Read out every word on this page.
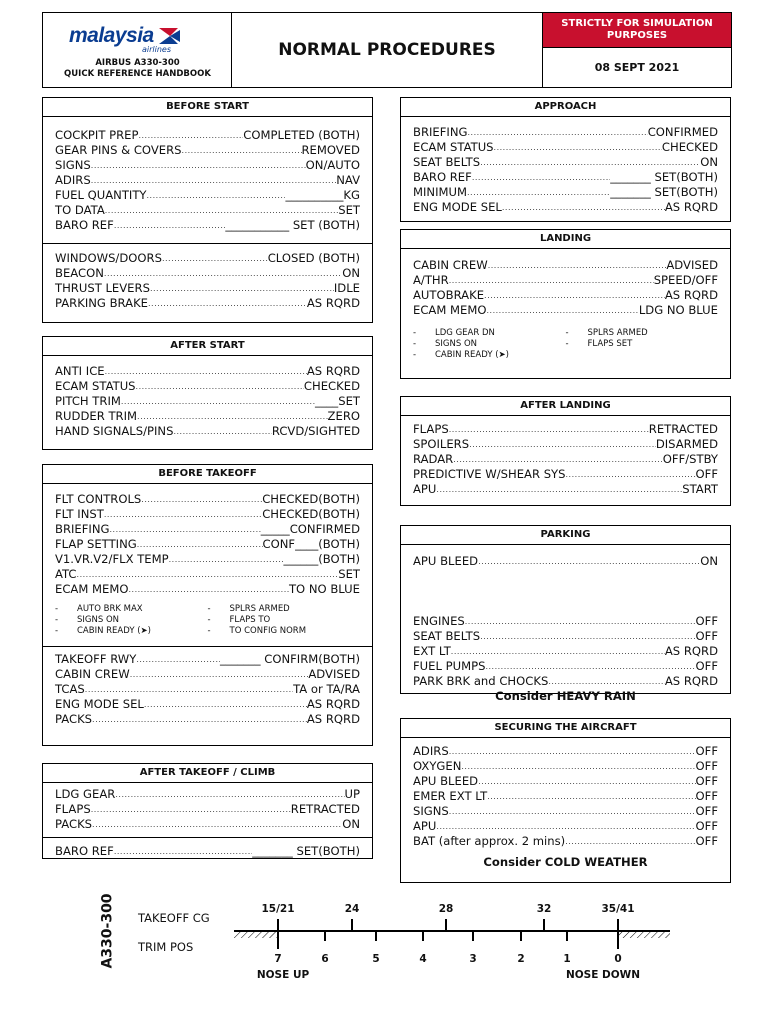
malaysia
airlines
AIRBUS A330-300
QUICK REFERENCE HANDBOOK
NORMAL PROCEDURES
STRICTLY FOR SIMULATION PURPOSES
08 SEPT 2021
BEFORE START
COCKPIT PREP .....	COMPLETED (BOTH)
GEAR PINS & COVERS .....	REMOVED
SIGNS .....	ON/AUTO
ADIRS .....	NAV
FUEL QUANTITY .....	__________KG
TO DATA .....	SET
BARO REF .....	___________ SET (BOTH)
WINDOWS/DOORS .....	CLOSED (BOTH)
BEACON .....	ON
THRUST LEVERS .....	IDLE
PARKING BRAKE .....	AS RQRD
AFTER START
ANTI ICE .....	AS RQRD
ECAM STATUS .....	CHECKED
PITCH TRIM .....	____SET
RUDDER TRIM .....	ZERO
HAND SIGNALS/PINS .....	RCVD/SIGHTED
BEFORE TAKEOFF
FLT CONTROLS .....	CHECKED(BOTH)
FLT INST .....	CHECKED(BOTH)
BRIEFING .....	_____CONFIRMED
FLAP SETTING .....	CONF____(BOTH)
V1.VR.V2/FLX TEMP .....	______(BOTH)
ATC .....	SET
ECAM MEMO .....	TO NO BLUE
-	AUTO BRK MAX
-	SIGNS ON
-	CABIN READY (➤)
-	SPLRS ARMED
-	FLAPS TO
-	TO CONFIG NORM
TAKEOFF RWY .....	_______ CONFIRM(BOTH)
CABIN CREW .....	ADVISED
TCAS .....	TA or TA/RA
ENG MODE SEL .....	AS RQRD
PACKS .....	AS RQRD
AFTER TAKEOFF / CLIMB
LDG GEAR .....	UP
FLAPS .....	RETRACTED
PACKS .....	ON
BARO REF .....	_______ SET(BOTH)
APPROACH
BRIEFING .....	CONFIRMED
ECAM STATUS .....	CHECKED
SEAT BELTS .....	ON
BARO REF .....	_______ SET(BOTH)
MINIMUM .....	_______ SET(BOTH)
ENG MODE SEL .....	AS RQRD
LANDING
CABIN CREW .....	ADVISED
A/THR .....	SPEED/OFF
AUTOBRAKE .....	AS RQRD
ECAM MEMO .....	LDG NO BLUE
-	LDG GEAR DN
-	SIGNS ON
-	CABIN READY (➤)
-	SPLRS ARMED
-	FLAPS SET
AFTER LANDING
FLAPS .....	RETRACTED
SPOILERS .....	DISARMED
RADAR .....	OFF/STBY
PREDICTIVE W/SHEAR SYS .....	OFF
APU .....	START
PARKING
APU BLEED .....	ON
ENGINES .....	OFF
SEAT BELTS .....	OFF
EXT LT .....	AS RQRD
FUEL PUMPS .....	OFF
PARK BRK and CHOCKS .....	AS RQRD
Consider HEAVY RAIN
SECURING THE AIRCRAFT
ADIRS .....	OFF
OXYGEN .....	OFF
APU BLEED .....	OFF
EMER EXT LT .....	OFF
SIGNS .....	OFF
APU .....	OFF
BAT (after approx. 2 mins) .....	OFF
Consider COLD WEATHER
A330-300 TAKEOFF CG
TRIM POS
15/21	24	28	32	35/41
7	6	5	4	3	2	1	0
NOSE UP	NOSE DOWN
